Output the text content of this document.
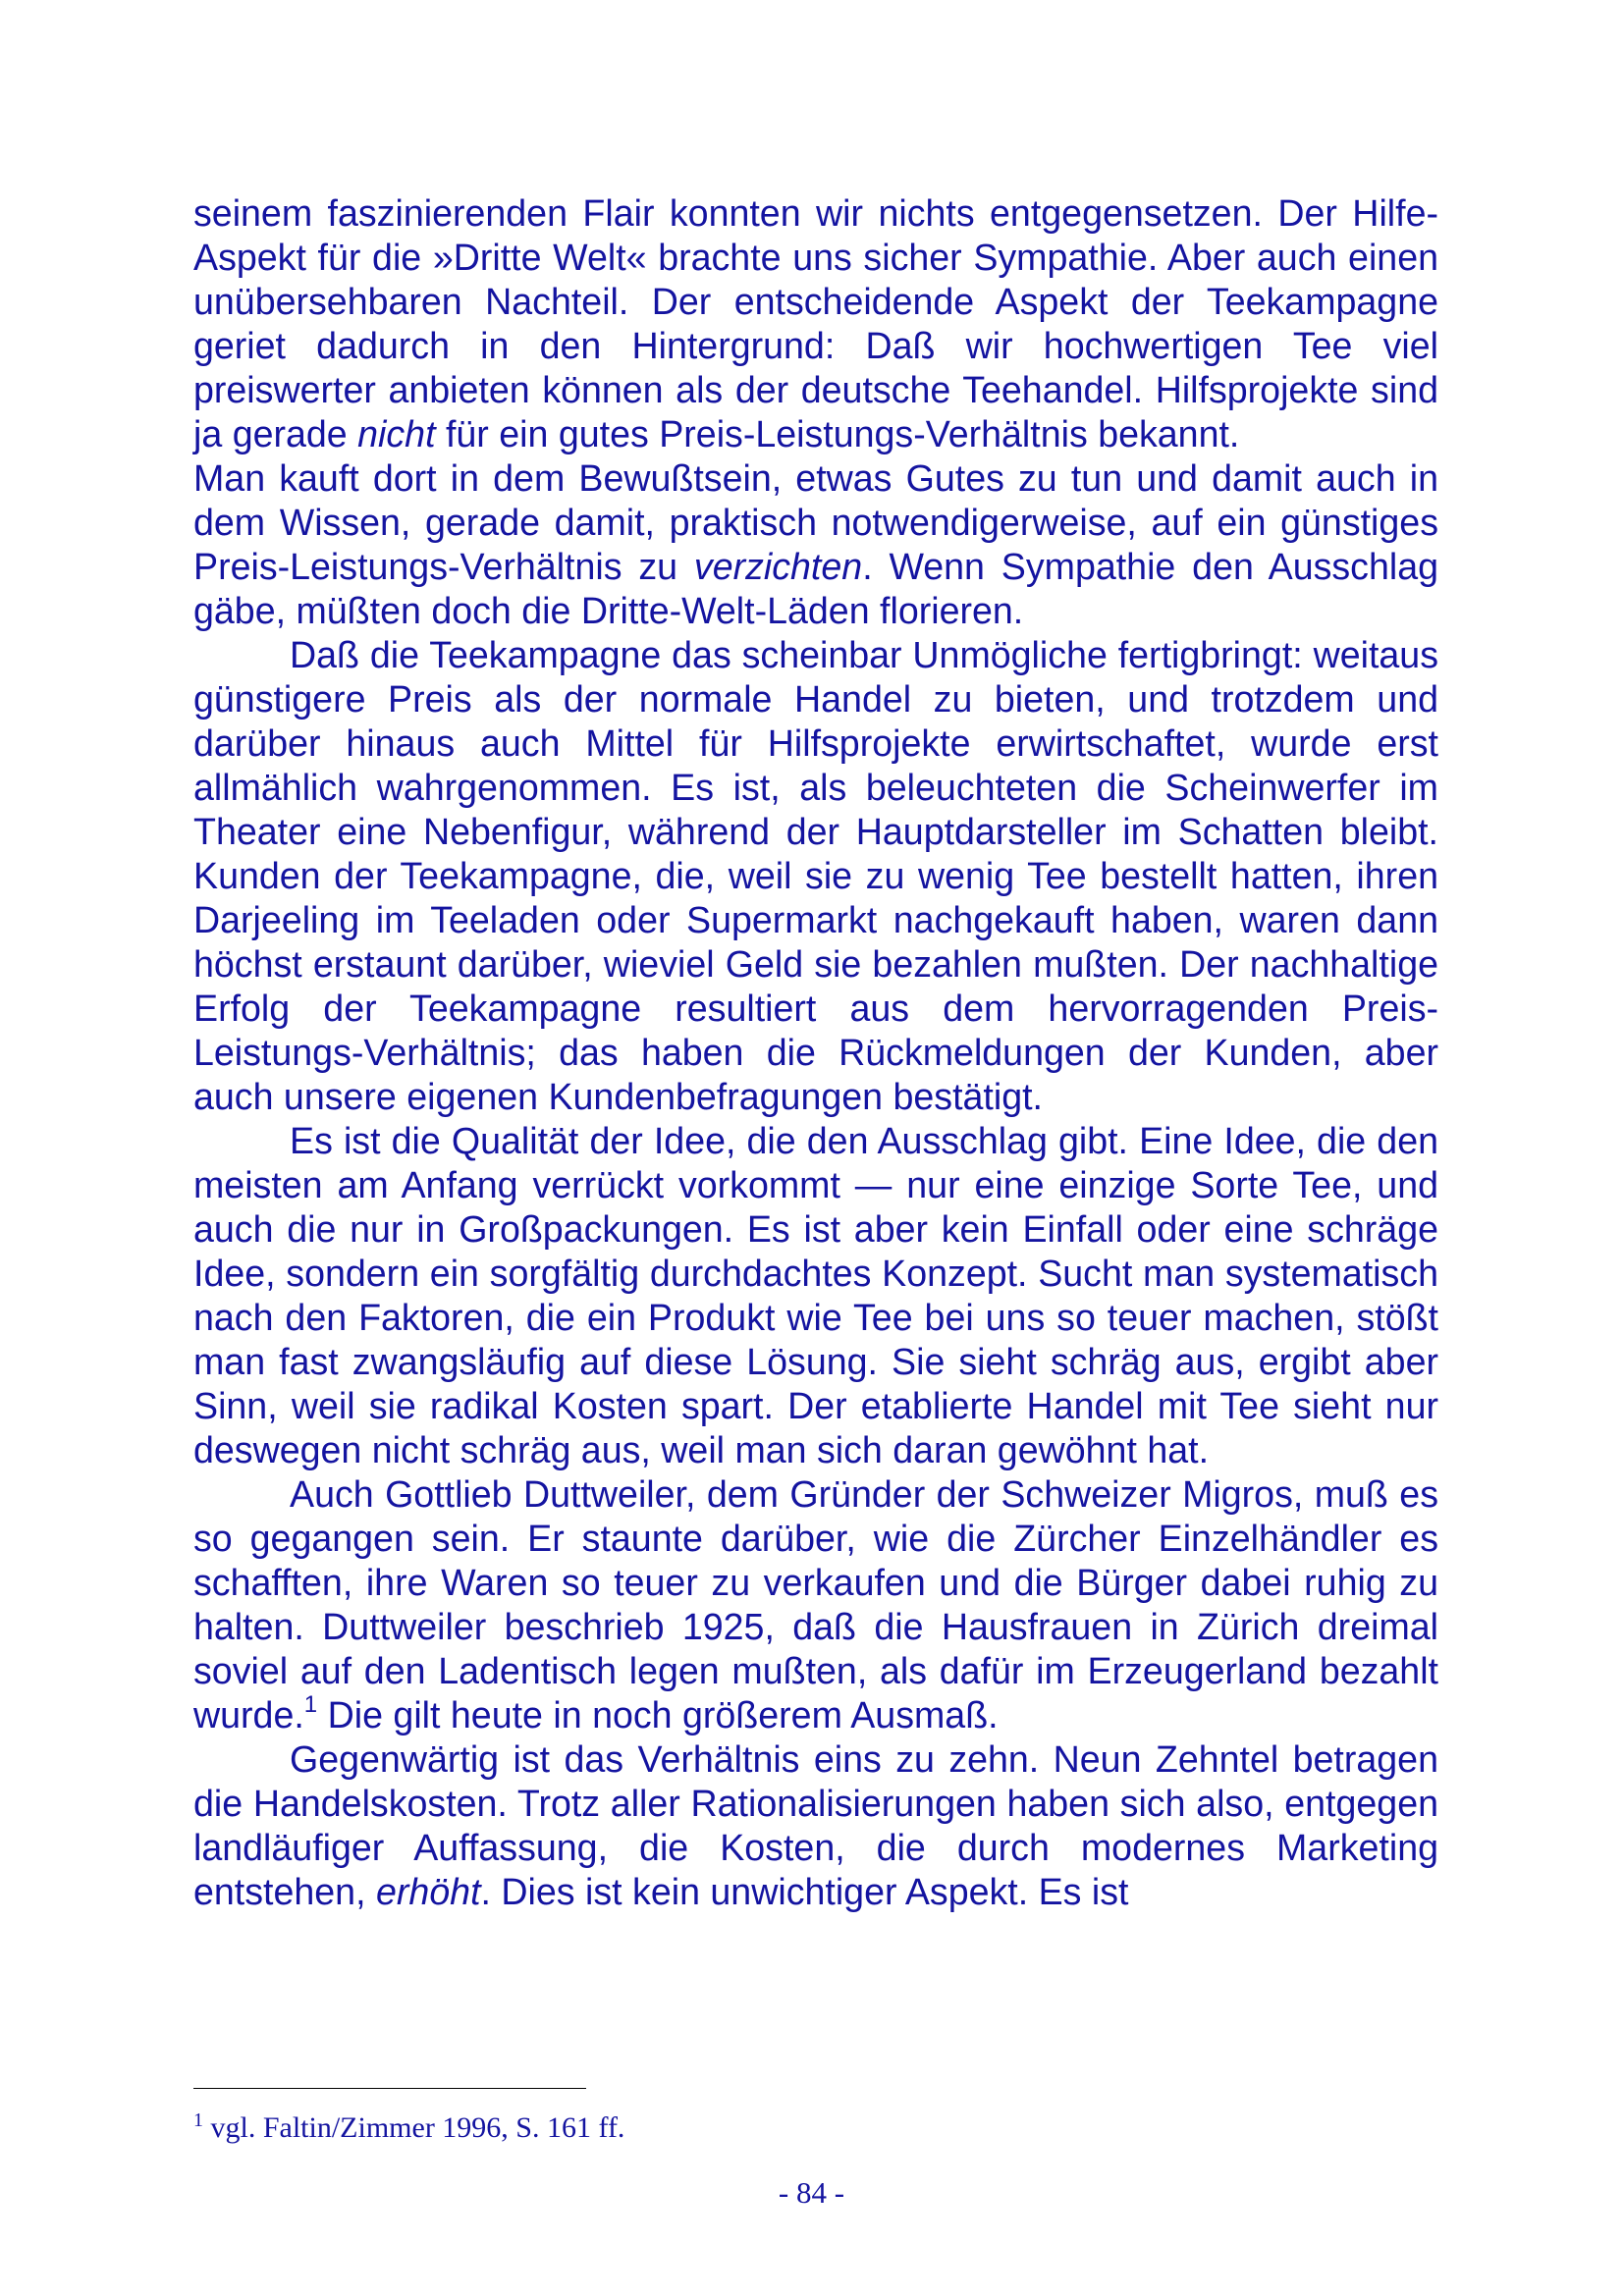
seinem faszinierenden Flair konnten wir nichts entgegensetzen. Der Hilfe-Aspekt für die »Dritte Welt« brachte uns sicher Sympathie. Aber auch einen unübersehbaren Nachteil. Der entscheidende Aspekt der Teekampagne geriet dadurch in den Hintergrund: Daß wir hochwertigen Tee viel preiswerter anbieten können als der deutsche Teehandel. Hilfsprojekte sind ja gerade nicht für ein gutes Preis-Leistungs-Verhältnis bekannt.

Man kauft dort in dem Bewußtsein, etwas Gutes zu tun und damit auch in dem Wissen, gerade damit, praktisch notwendigerweise, auf ein günstiges Preis-Leistungs-Verhältnis zu verzichten. Wenn Sympathie den Ausschlag gäbe, müßten doch die Dritte-Welt-Läden florieren.

Daß die Teekampagne das scheinbar Unmögliche fertigbringt: weitaus günstigere Preis als der normale Handel zu bieten, und trotzdem und darüber hinaus auch Mittel für Hilfsprojekte erwirtschaftet, wurde erst allmählich wahrgenommen. Es ist, als beleuchteten die Scheinwerfer im Theater eine Nebenfigur, während der Hauptdarsteller im Schatten bleibt. Kunden der Teekampagne, die, weil sie zu wenig Tee bestellt hatten, ihren Darjeeling im Teeladen oder Supermarkt nachgekauft haben, waren dann höchst erstaunt darüber, wieviel Geld sie bezahlen mußten. Der nachhaltige Erfolg der Teekampagne resultiert aus dem hervorragenden Preis-Leistungs-Verhältnis; das haben die Rückmeldungen der Kunden, aber auch unsere eigenen Kundenbefragungen bestätigt.

Es ist die Qualität der Idee, die den Ausschlag gibt. Eine Idee, die den meisten am Anfang verrückt vorkommt — nur eine einzige Sorte Tee, und auch die nur in Großpackungen. Es ist aber kein Einfall oder eine schräge Idee, sondern ein sorgfältig durchdachtes Konzept. Sucht man systematisch nach den Faktoren, die ein Produkt wie Tee bei uns so teuer machen, stößt man fast zwangsläufig auf diese Lösung. Sie sieht schräg aus, ergibt aber Sinn, weil sie radikal Kosten spart. Der etablierte Handel mit Tee sieht nur deswegen nicht schräg aus, weil man sich daran gewöhnt hat.

Auch Gottlieb Duttweiler, dem Gründer der Schweizer Migros, muß es so gegangen sein. Er staunte darüber, wie die Zürcher Einzelhändler es schafften, ihre Waren so teuer zu verkaufen und die Bürger dabei ruhig zu halten. Duttweiler beschrieb 1925, daß die Hausfrauen in Zürich dreimal soviel auf den Ladentisch legen mußten, als dafür im Erzeugerland bezahlt wurde.$^1$ Die gilt heute in noch größerem Ausmaß.

Gegenwärtig ist das Verhältnis eins zu zehn. Neun Zehntel betragen die Handelskosten. Trotz aller Rationalisierungen haben sich also, entgegen landläufiger Auffassung, die Kosten, die durch modernes Marketing entstehen, erhöht. Dies ist kein unwichtiger Aspekt. Es ist

$^1$ vgl. Faltin/Zimmer 1996, S. 161 ff.
- 84 -
